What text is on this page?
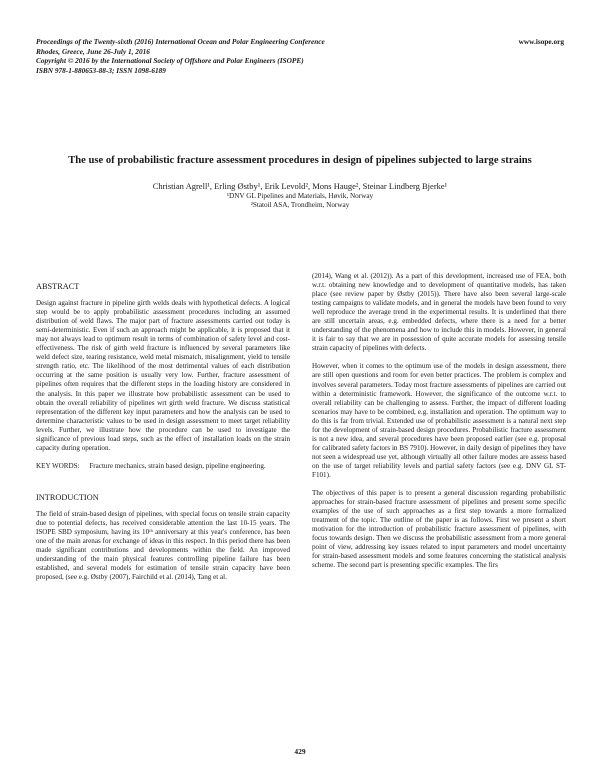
Proceedings of the Twenty-sixth (2016) International Ocean and Polar Engineering Conference
Rhodes, Greece, June 26-July 1, 2016
Copyright © 2016 by the International Society of Offshore and Polar Engineers (ISOPE)
ISBN 978-1-880653-88-3; ISSN 1098-6189
www.isope.org
The use of probabilistic fracture assessment procedures in design of pipelines subjected to large strains
Christian Agrell¹, Erling Østby¹, Erik Levold², Mons Hauge², Steinar Lindberg Bjerke¹
¹DNV GL Pipelines and Materials, Høvik, Norway
²Statoil ASA, Trondheim, Norway
ABSTRACT

Design against fracture in pipeline girth welds deals with hypothetical defects. A logical step would be to apply probabilistic assessment procedures including an assumed distribution of weld flaws. The major part of fracture assessments carried out today is semi-deterministic. Even if such an approach might be applicable, it is proposed that it may not always lead to optimum result in terms of combination of safety level and cost-effectiveness. The risk of girth weld fracture is influenced by several parameters like weld defect size, tearing resistance, weld metal mismatch, misalignment, yield to tensile strength ratio, etc. The likelihood of the most detrimental values of each distribution occurring at the same position is usually very low. Further, fracture assessment of pipelines often requires that the different steps in the loading history are considered in the analysis. In this paper we illustrate how probabilistic assessment can be used to obtain the overall reliability of pipelines wrt girth weld fracture. We discuss statistical representation of the different key input parameters and how the analysis can be used to determine characteristic values to be used in design assessment to meet target reliability levels. Further, we illustrate how the procedure can be used to investigate the significance of previous load steps, such as the effect of installation loads on the strain capacity during operation.

KEY WORDS: Fracture mechanics, strain based design, pipeline engineering.

INTRODUCTION

The field of strain-based design of pipelines, with special focus on tensile strain capacity due to potential defects, has received considerable attention the last 10-15 years. The ISOPE SBD symposium, having its 10ᵗʰ anniversary at this year's conference, has been one of the main arenas for exchange of ideas in this respect. In this period there has been made significant contributions and developments within the field. An improved understanding of the main physical features controlling pipeline failure has been established, and several models for estimation of tensile strain capacity have been proposed, (see e.g. Østby (2007), Fairchild et al. (2014), Tang et al.

(2014), Wang et al. (2012)). As a part of this development, increased use of FEA, both w.r.t. obtaining new knowledge and to development of quantitative models, has taken place (see review paper by Østby (2015)). There have also been several large-scale testing campaigns to validate models, and in general the models have been found to very well reproduce the average trend in the experimental results. It is underlined that there are still uncertain areas, e.g. embedded defects, where there is a need for a better understanding of the phenomena and how to include this in models. However, in general it is fair to say that we are in possession of quite accurate models for assessing tensile strain capacity of pipelines with defects.

However, when it comes to the optimum use of the models in design assessment, there are still open questions and room for even better practices. The problem is complex and involves several parameters. Today most fracture assessments of pipelines are carried out within a deterministic framework. However, the significance of the outcome w.r.t. to overall reliability can be challenging to assess. Further, the impact of different loading scenarios may have to be combined, e.g. installation and operation. The optimum way to do this is far from trivial. Extended use of probabilistic assessment is a natural next step for the development of strain-based design procedures. Probabilistic fracture assessment is not a new idea, and several procedures have been proposed earlier (see e.g. proposal for calibrated safety factors in BS 7910). However, in daily design of pipelines they have not seen a widespread use yet, although virtually all other failure modes are assess based on the use of target reliability levels and partial safety factors (see e.g. DNV GL ST-F101).

The objectives of this paper is to present a general discussion regarding probabilistic approaches for strain-based fracture assessment of pipelines and present some specific examples of the use of such approaches as a first step towards a more formalized treatment of the topic. The outline of the paper is as follows. First we present a short motivation for the introduction of probabilistic fracture assessment of pipelines, with focus towards design. Then we discuss the probabilistic assessment from a more general point of view, addressing key issues related to input parameters and model uncertainty for strain-based assessment models and some features concerning the statistical analysis scheme. The second part is presenting specific examples. The firs

429
